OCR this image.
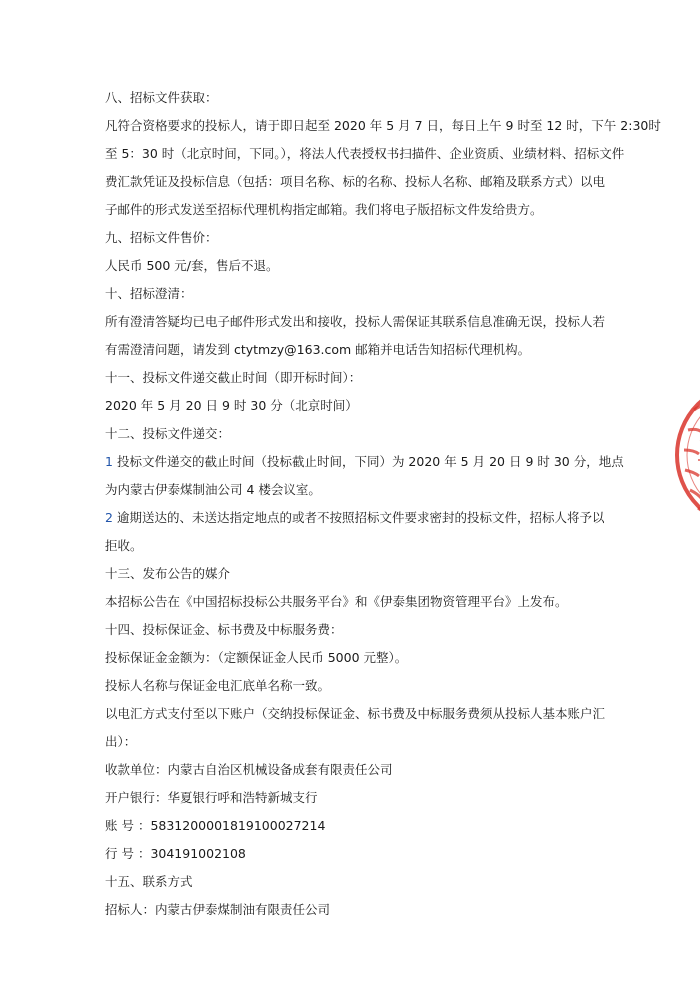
八、招标文件获取：
凡符合资格要求的投标人，请于即日起至 2020 年 5 月 7 日，每日上午 9 时至 12 时，下午 2:30时
至 5：30 时（北京时间，下同。），将法人代表授权书扫描件、企业资质、业绩材料、招标文件
费汇款凭证及投标信息（包括：项目名称、标的名称、投标人名称、邮箱及联系方式）以电
子邮件的形式发送至招标代理机构指定邮箱。我们将电子版招标文件发给贵方。
九、招标文件售价：
人民币 500 元/套，售后不退。
十、招标澄清：
所有澄清答疑均已电子邮件形式发出和接收，投标人需保证其联系信息准确无误，投标人若
有需澄清问题，请发到 ctytmzy@163.com 邮箱并电话告知招标代理机构。
十一、投标文件递交截止时间（即开标时间）：
2020 年 5 月 20 日 9 时 30 分（北京时间）
十二、投标文件递交：
1 投标文件递交的截止时间（投标截止时间，下同）为 2020 年 5 月 20 日 9 时 30 分，地点
为内蒙古伊泰煤制油公司 4 楼会议室。
2 逾期送达的、未送达指定地点的或者不按照招标文件要求密封的投标文件，招标人将予以
拒收。
十三、发布公告的媒介
本招标公告在《中国招标投标公共服务平台》和《伊泰集团物资管理平台》上发布。
十四、投标保证金、标书费及中标服务费：
投标保证金金额为：（定额保证金人民币 5000 元整）。
投标人名称与保证金电汇底单名称一致。
以电汇方式支付至以下账户（交纳投标保证金、标书费及中标服务费须从投标人基本账户汇
出）：
收款单位：内蒙古自治区机械设备成套有限责任公司
开户银行：华夏银行呼和浩特新城支行
账 号 ：5831200001819100027214
行 号 ：304191002108
十五、联系方式
招标人：内蒙古伊泰煤制油有限责任公司
